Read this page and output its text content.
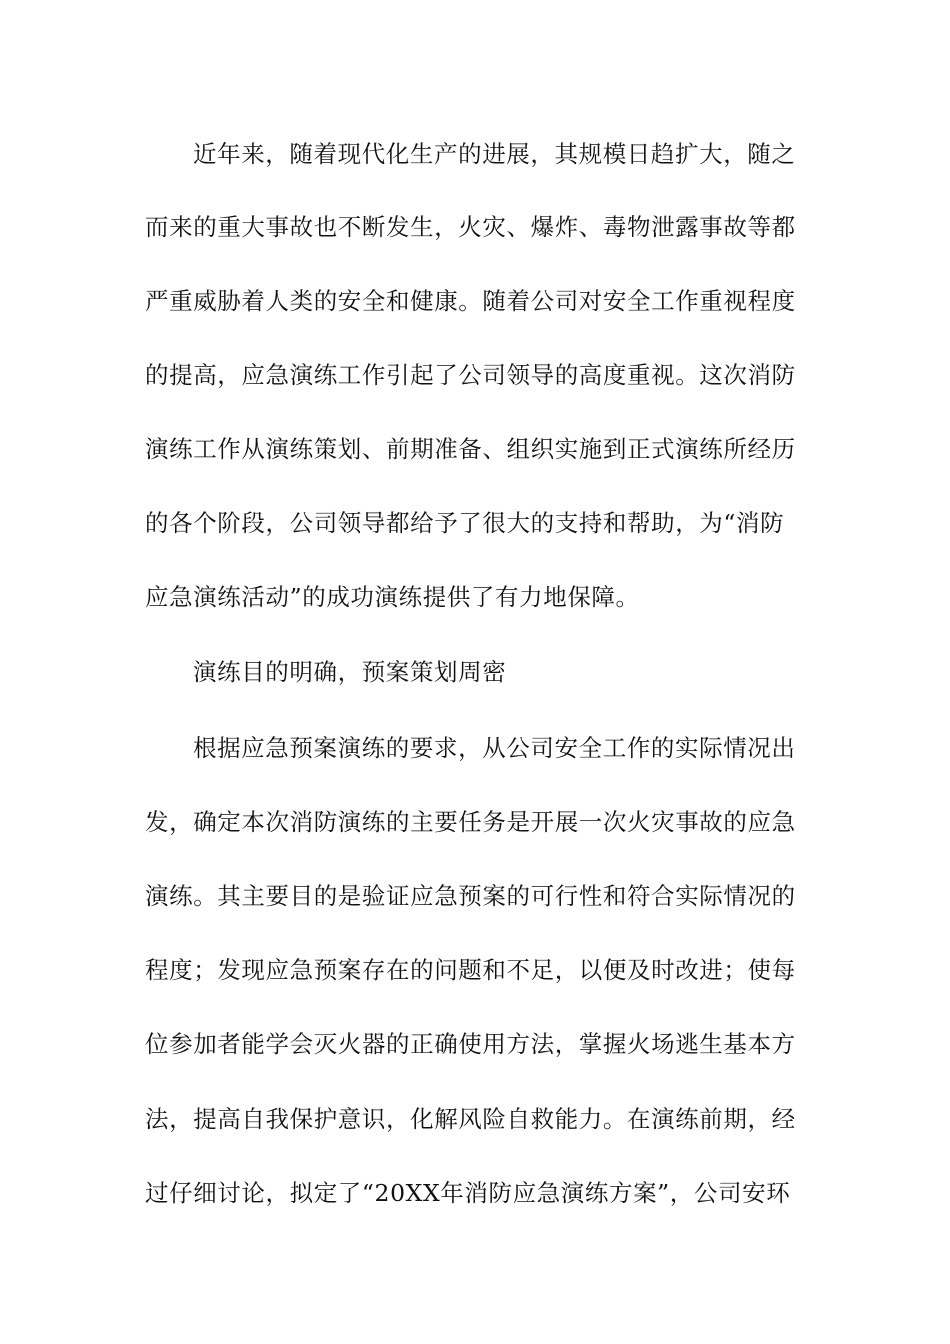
近年来，随着现代化生产的进展，其规模日趋扩大，随之

而来的重大事故也不断发生，火灾、爆炸、毒物泄露事故等都

严重威胁着人类的安全和健康。随着公司对安全工作重视程度

的提高，应急演练工作引起了公司领导的高度重视。这次消防

演练工作从演练策划、前期准备、组织实施到正式演练所经历

的各个阶段，公司领导都给予了很大的支持和帮助，为“消防

应急演练活动”的成功演练提供了有力地保障。

演练目的明确，预案策划周密

根据应急预案演练的要求，从公司安全工作的实际情况出

发，确定本次消防演练的主要任务是开展一次火灾事故的应急

演练。其主要目的是验证应急预案的可行性和符合实际情况的

程度；发现应急预案存在的问题和不足，以便及时改进；使每

位参加者能学会灭火器的正确使用方法，掌握火场逃生基本方

法，提高自我保护意识，化解风险自救能力。在演练前期，经

过仔细讨论，拟定了“20XX年消防应急演练方案”，公司安环
